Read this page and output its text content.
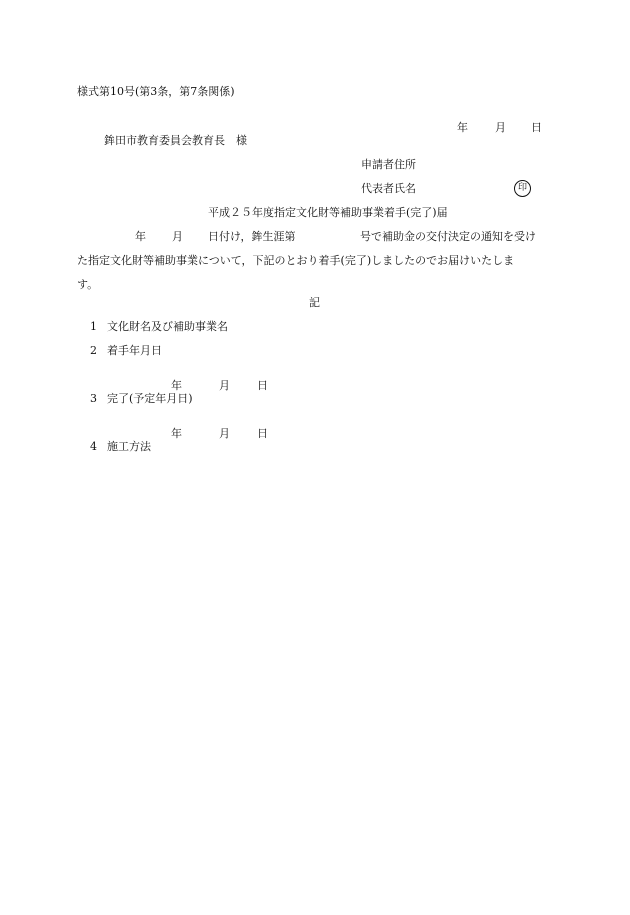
様式第10号(第3条，第7条関係)

年 月 日

鉾田市教育委員会教育長　様
申請者住所
代表者氏名	印
平成２５年度指定文化財等補助事業着手(完了)届

年

月

日付け，鉾生涯第

	号で補助金の交付決定の通知を受け

た指定文化財等補助事業について，下記のとおり着手(完了)しましたのでお届けいたしま
す。
記
1 文化財名及び補助事業名
2 着手年月日

年	月 日

3 完了(予定年月日)

年	月 日

4 施工方法
